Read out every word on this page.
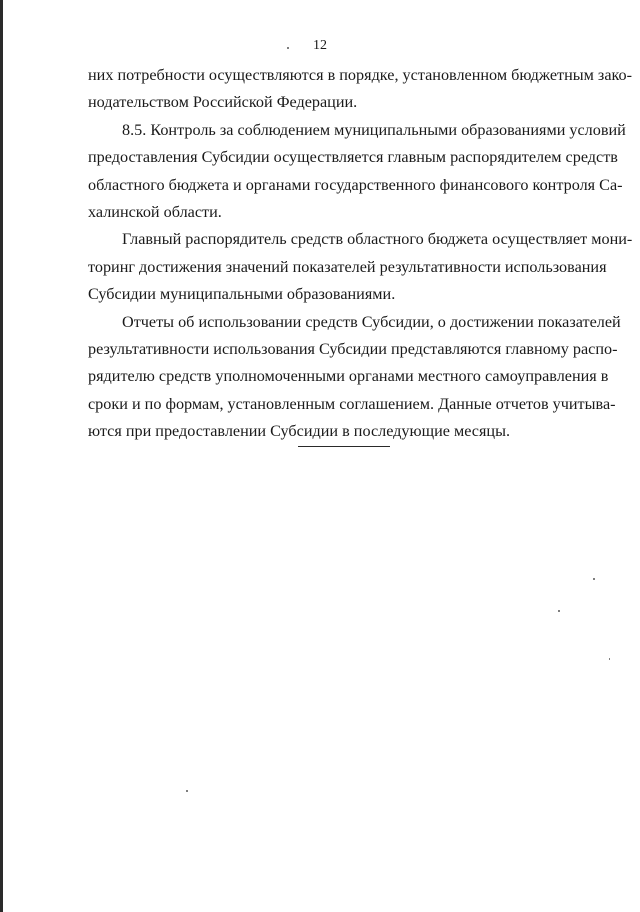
12
них потребности осуществляются в порядке, установленном бюджетным зако-
нодательством Российской Федерации.
8.5. Контроль за соблюдением муниципальными образованиями условий
предоставления Субсидии осуществляется главным распорядителем средств
областного бюджета и органами государственного финансового контроля Са-
халинской области.
Главный распорядитель средств областного бюджета осуществляет мони-
торинг достижения значений показателей результативности использования
Субсидии муниципальными образованиями.
Отчеты об использовании средств Субсидии, о достижении показателей
результативности использования Субсидии представляются главному распо-
рядителю средств уполномоченными органами местного самоуправления в
сроки и по формам, установленным соглашением. Данные отчетов учитыва-
ются при предоставлении Субсидии в последующие месяцы.
